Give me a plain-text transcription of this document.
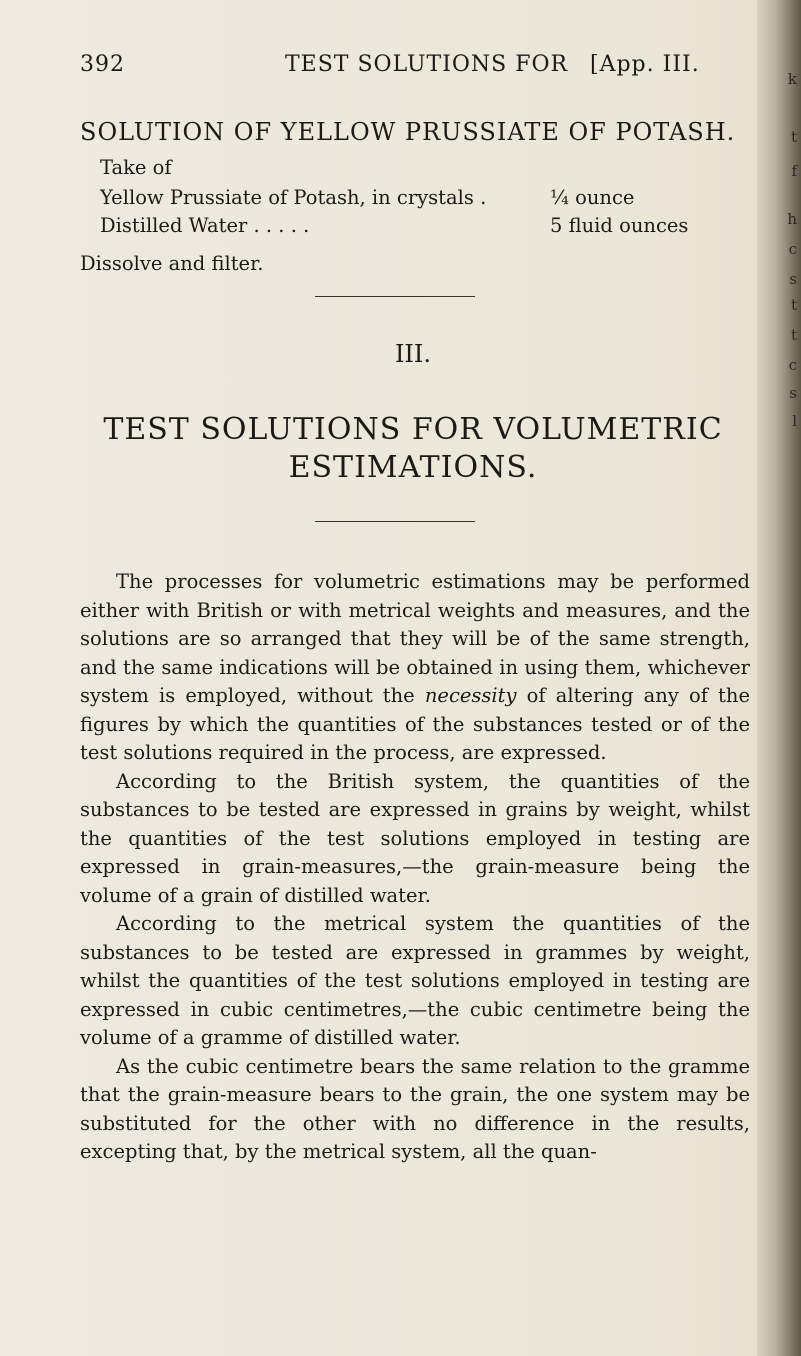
392	TEST SOLUTIONS FOR [App. III.
SOLUTION OF YELLOW PRUSSIATE OF POTASH.
Take of
Yellow Prussiate of Potash, in crystals .	¼ ounce
Distilled Water . . . . .	5 fluid ounces
Dissolve and filter.
III.
TEST SOLUTIONS FOR VOLUMETRIC
ESTIMATIONS.

The processes for volumetric estimations may be performed either with British or with metrical weights and measures, and the solutions are so arranged that they will be of the same strength, and the same indications will be obtained in using them, whichever system is employed, without the necessity of altering any of the figures by which the quantities of the substances tested or of the test solutions required in the process, are expressed.

According to the British system, the quantities of the substances to be tested are expressed in grains by weight, whilst the quantities of the test solutions employed in testing are expressed in grain-measures,—the grain-measure being the volume of a grain of distilled water.

According to the metrical system the quantities of the substances to be tested are expressed in grammes by weight, whilst the quantities of the test solutions employed in testing are expressed in cubic centimetres,—the cubic centimetre being the volume of a gramme of distilled water.

As the cubic centimetre bears the same relation to the gramme that the grain-measure bears to the grain, the one system may be substituted for the other with no difference in the results, excepting that, by the metrical system, all the quan-

k
t
f
h
c
s
t
t
c
s
l
